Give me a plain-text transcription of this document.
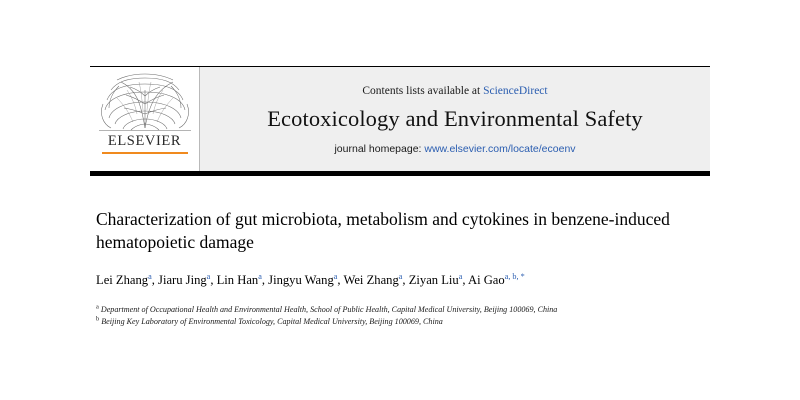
ELSEVIER
Contents lists available at ScienceDirect
Ecotoxicology and Environmental Safety
journal homepage: www.elsevier.com/locate/ecoenv
Characterization of gut microbiota, metabolism and cytokines in benzene-induced hematopoietic damage
Lei Zhang$^a$, Jiaru Jing$^a$, Lin Han$^a$, Jingyu Wang$^a$, Wei Zhang$^a$, Ziyan Liu$^a$, Ai Gao$^{a, b, *}$
$^a$ Department of Occupational Health and Environmental Health, School of Public Health, Capital Medical University, Beijing 100069, China
$^b$ Beijing Key Laboratory of Environmental Toxicology, Capital Medical University, Beijing 100069, China
